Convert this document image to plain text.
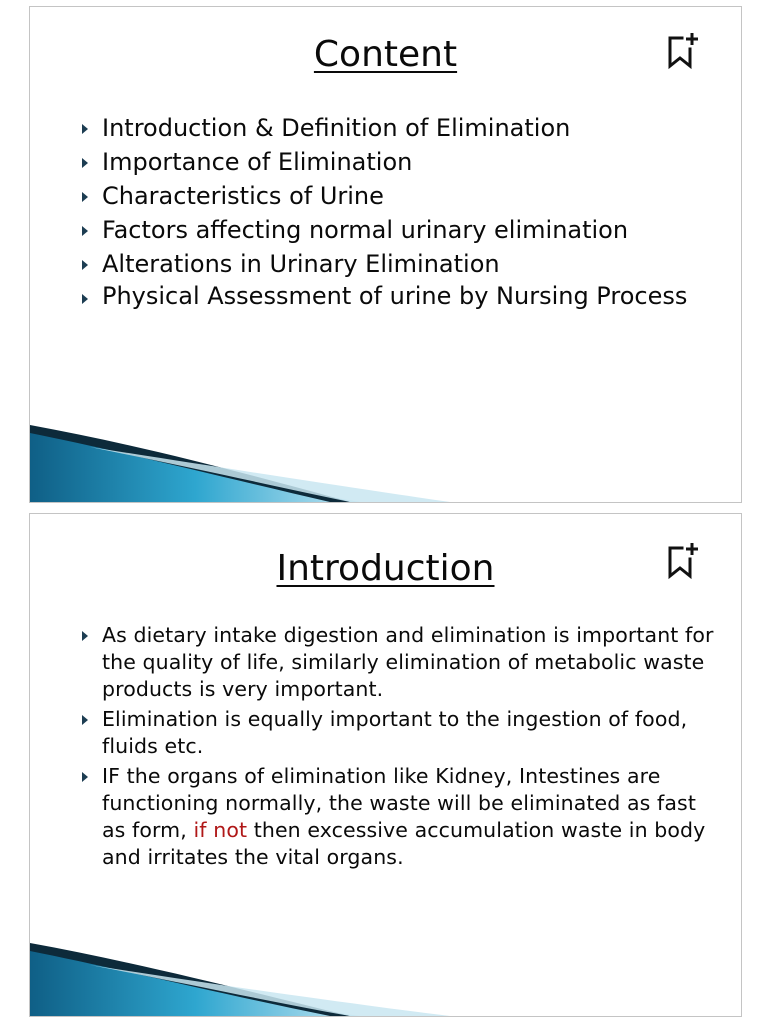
Content
Introduction & Definition of Elimination
Importance of Elimination
Characteristics of Urine
Factors affecting normal urinary elimination
Alterations in Urinary Elimination
Physical Assessment of urine by Nursing Process
Introduction
As dietary intake digestion and elimination is important for the quality of life, similarly elimination of metabolic waste products is very important.
Elimination is equally important to the ingestion of food, fluids etc.
IF the organs of elimination like Kidney, Intestines are functioning normally, the waste will be eliminated as fast as form, if not then excessive accumulation waste in body and irritates the vital organs.
